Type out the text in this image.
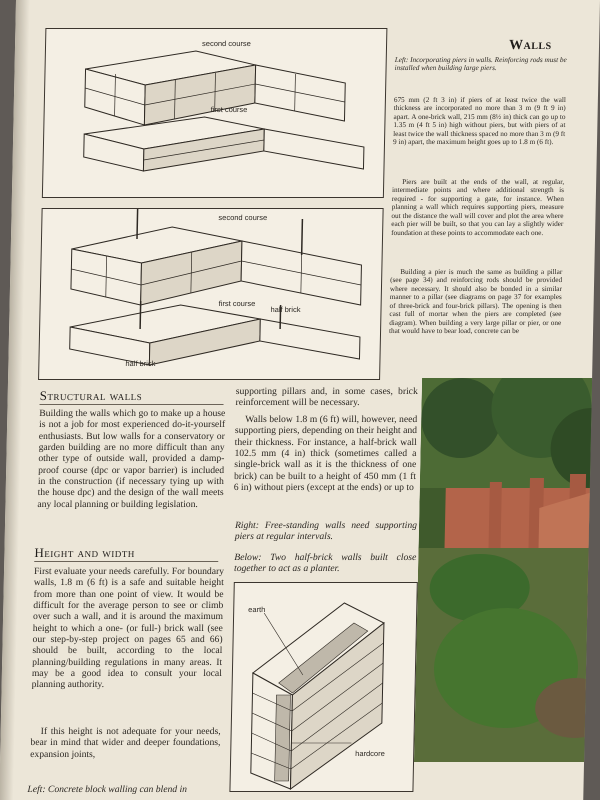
second course
first course
second course
first course
half brick
half brick
Walls
Left: Incorporating piers in walls. Reinforcing rods must be installed when building large piers.
675 mm (2 ft 3 in) if piers of at least twice the wall thickness are incorporated no more than 3 m (9 ft 9 in) apart. A one-brick wall, 215 mm (8½ in) thick can go up to 1.35 m (4 ft 5 in) high without piers, but with piers of at least twice the wall thickness spaced no more than 3 m (9 ft 9 in) apart, the maximum height goes up to 1.8 m (6 ft).
Piers are built at the ends of the wall, at regular, intermediate points and where additional strength is required - for supporting a gate, for instance. When planning a wall which requires supporting piers, measure out the distance the wall will cover and plot the area where each pier will be built, so that you can lay a slightly wider foundation at these points to accommodate each one.
Building a pier is much the same as building a pillar (see page 34) and reinforcing rods should be provided where necessary. It should also be bonded in a similar manner to a pillar (see diagrams on page 37 for examples of three-brick and four-brick pillars). The opening is then cast full of mortar when the piers are completed (see diagram). When building a very large pillar or pier, or one that would have to bear load, concrete can be
Structural walls
Building the walls which go to make up a house is not a job for most experienced do-it-yourself enthusiasts. But low walls for a conservatory or garden building are no more difficult than any other type of outside wall, provided a damp-proof course (dpc or vapor barrier) is included in the construction (if necessary tying up with the house dpc) and the design of the wall meets any local planning or building legislation.
Height and width
First evaluate your needs carefully. For boundary walls, 1.8 m (6 ft) is a safe and suitable height from more than one point of view. It would be difficult for the average person to see or climb over such a wall, and it is around the maximum height to which a one- (or full-) brick wall (see our step-by-step project on pages 65 and 66) should be built, according to the local planning/building regulations in many areas. It may be a good idea to consult your local planning authority.
If this height is not adequate for your needs, bear in mind that wider and deeper foundations, expansion joints,
Left: Concrete block walling can blend in
supporting pillars and, in some cases, brick reinforcement will be necessary.
Walls below 1.8 m (6 ft) will, however, need supporting piers, depending on their height and their thickness. For instance, a half-brick wall 102.5 mm (4 in) thick (sometimes called a single-brick wall as it is the thickness of one brick) can be built to a height of 450 mm (1 ft 6 in) without piers (except at the ends) or up to
Right: Free-standing walls need supporting piers at regular intervals.
Below: Two half-brick walls built close together to act as a planter.
earth
hardcore
